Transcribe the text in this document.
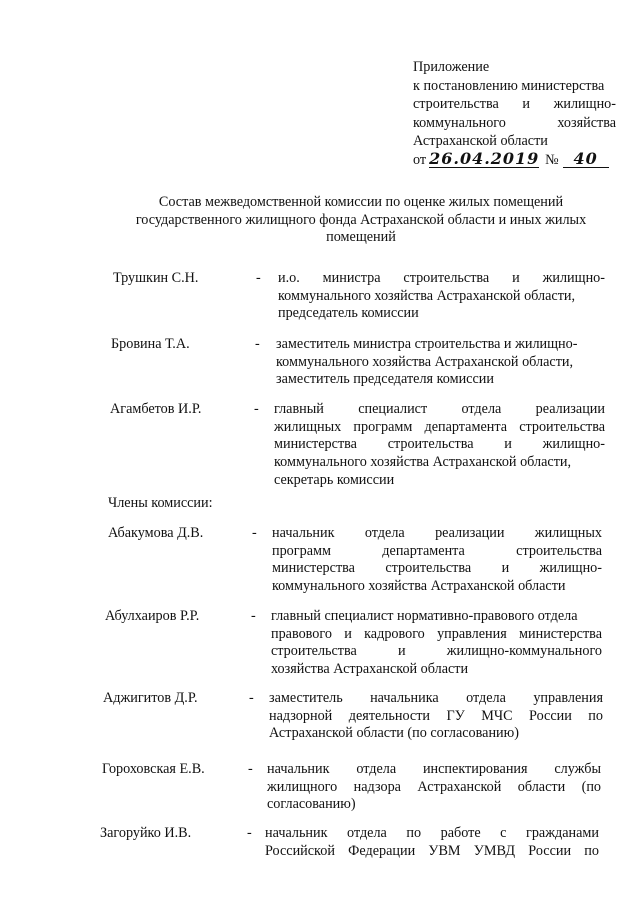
Приложение
к постановлению министерства
строительства и жилищно-
коммунального хозяйства
Астраханской области
от 26.04.2019 № 40
Состав межведомственной комиссии по оценке жилых помещений
государственного жилищного фонда Астраханской области и иных жилых
помещений
Трушкин С.Н.	- и.о. министра строительства и жилищно-
коммунального хозяйства Астраханской области,
председатель комиссии
Бровина Т.А.	- заместитель министра строительства и жилищно-
коммунального хозяйства Астраханской области,
заместитель председателя комиссии
Агамбетов И.Р.	- главный специалист отдела реализации
жилищных программ департамента строительства
министерства строительства и жилищно-
коммунального хозяйства Астраханской области,
секретарь комиссии
Члены комиссии:
Абакумова Д.В.	- начальник отдела реализации жилищных
программ департамента строительства
министерства строительства и жилищно-
коммунального хозяйства Астраханской области
Абулхаиров Р.Р.	- главный специалист нормативно-правового отдела
правового и кадрового управления министерства
строительства и жилищно-коммунального
хозяйства Астраханской области
Аджигитов Д.Р.	- заместитель начальника отдела управления
надзорной деятельности ГУ МЧС России по
Астраханской области (по согласованию)
Гороховская Е.В.	- начальник отдела инспектирования службы
жилищного надзора Астраханской области (по
согласованию)
Загоруйко И.В.	- начальник отдела по работе с гражданами
Российской Федерации УВМ УМВД России по
